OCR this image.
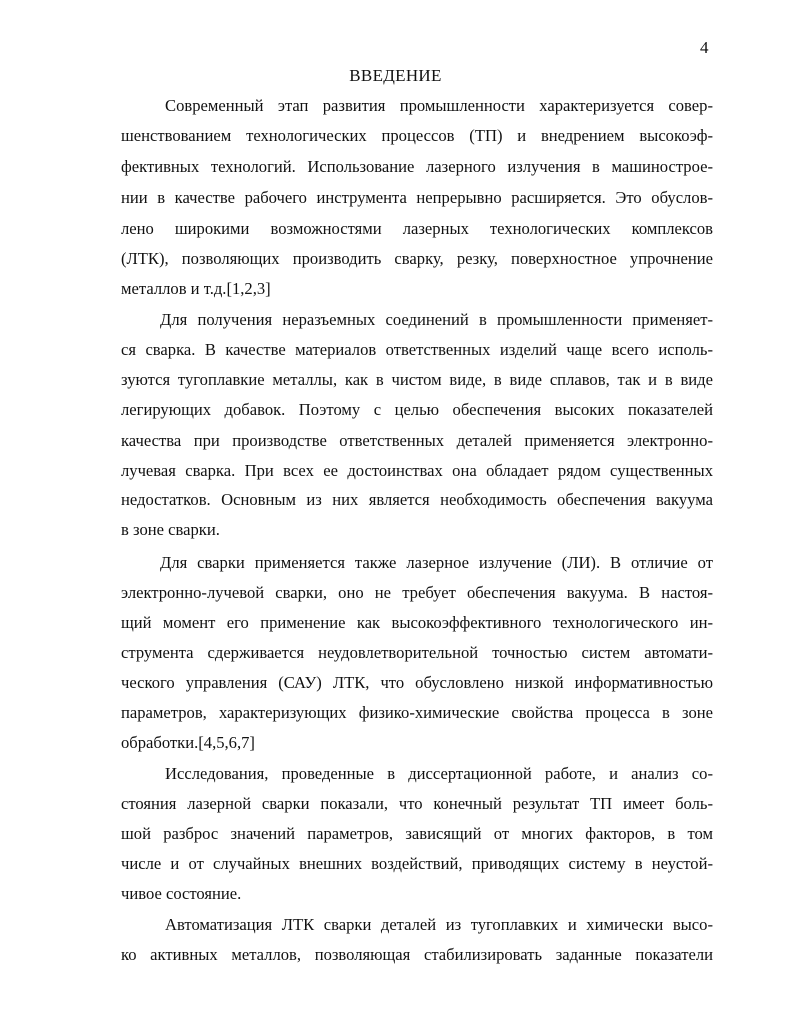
4
ВВЕДЕНИЕ
Современный этап развития промышленности характеризуется совер-
шенствованием технологических процессов (ТП) и внедрением высокоэф-
фективных технологий. Использование лазерного излучения в машинострое-
нии в качестве рабочего инструмента непрерывно расширяется. Это обуслов-
лено широкими возможностями лазерных технологических комплексов
(ЛТК), позволяющих производить сварку, резку, поверхностное упрочнение
металлов и т.д.[1,2,3]
Для получения неразъемных соединений в промышленности применяет-
ся сварка. В качестве материалов ответственных изделий чаще всего исполь-
зуются тугоплавкие металлы, как в чистом виде, в виде сплавов, так и в виде
легирующих добавок. Поэтому с целью обеспечения высоких показателей
качества при производстве ответственных деталей применяется электронно-
лучевая сварка. При всех ее достоинствах она обладает рядом существенных
недостатков. Основным из них является необходимость обеспечения вакуума
в зоне сварки.
Для сварки применяется также лазерное излучение (ЛИ). В отличие от
электронно-лучевой сварки, оно не требует обеспечения вакуума. В настоя-
щий момент его применение как высокоэффективного технологического ин-
струмента сдерживается неудовлетворительной точностью систем автомати-
ческого управления (САУ) ЛТК, что обусловлено низкой информативностью
параметров, характеризующих физико-химические свойства процесса в зоне
обработки.[4,5,6,7]
Исследования, проведенные в диссертационной работе, и анализ со-
стояния лазерной сварки показали, что конечный результат ТП имеет боль-
шой разброс значений параметров, зависящий от многих факторов, в том
числе и от случайных внешних воздействий, приводящих систему в неустой-
чивое состояние.
Автоматизация ЛТК сварки деталей из тугоплавких и химически высо-
ко активных металлов, позволяющая стабилизировать заданные показатели
